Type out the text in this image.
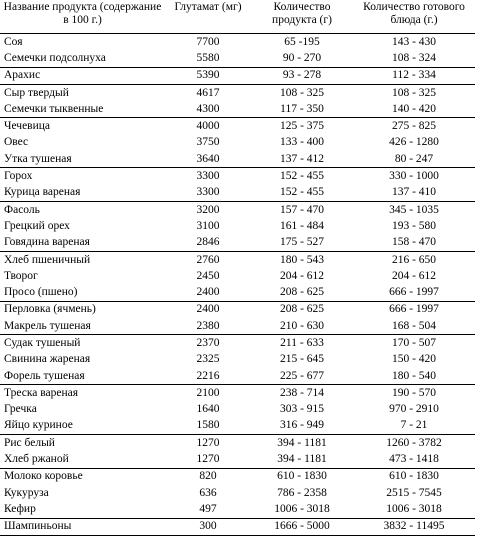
Название продукта (содержание в 100 г.)	Глутамат (мг)	Количество продукта (г)	Количество готового блюда (г.)
Соя	7700	65 -195	143 - 430
Семечки подсолнуха	5580	90 - 270	108 - 324
Арахис	5390	93 - 278	112 - 334
Сыр твердый	4617	108 - 325	108 - 325
Семечки тыквенные	4300	117 - 350	140 - 420
Чечевица	4000	125 - 375	275 - 825
Овес	3750	133 - 400	426 - 1280
Утка тушеная	3640	137 - 412	80 - 247
Горох	3300	152 - 455	330 - 1000
Курица вареная	3300	152 - 455	137 - 410
Фасоль	3200	157 - 470	345 - 1035
Грецкий орех	3100	161 - 484	193 - 580
Говядина вареная	2846	175 - 527	158 - 470
Хлеб пшеничный	2760	180 - 543	216 - 650
Творог	2450	204 - 612	204 - 612
Просо (пшено)	2400	208 - 625	666 - 1997
Перловка (ячмень)	2400	208 - 625	666 - 1997
Макрель тушеная	2380	210 - 630	168 - 504
Судак тушеный	2370	211 - 633	170 - 507
Свинина жареная	2325	215 - 645	150 - 420
Форель тушеная	2216	225 - 677	180 - 540
Треска вареная	2100	238 - 714	190 - 570
Гречка	1640	303 - 915	970 - 2910
Яйцо куриное	1580	316 - 949	7 - 21
Рис белый	1270	394 - 1181	1260 - 3782
Хлеб ржаной	1270	394 - 1181	473 - 1418
Молоко коровье	820	610 - 1830	610 - 1830
Кукуруза	636	786 - 2358	2515 - 7545
Кефир	497	1006 - 3018	1006 - 3018
Шампиньоны	300	1666 - 5000	3832 - 11495
